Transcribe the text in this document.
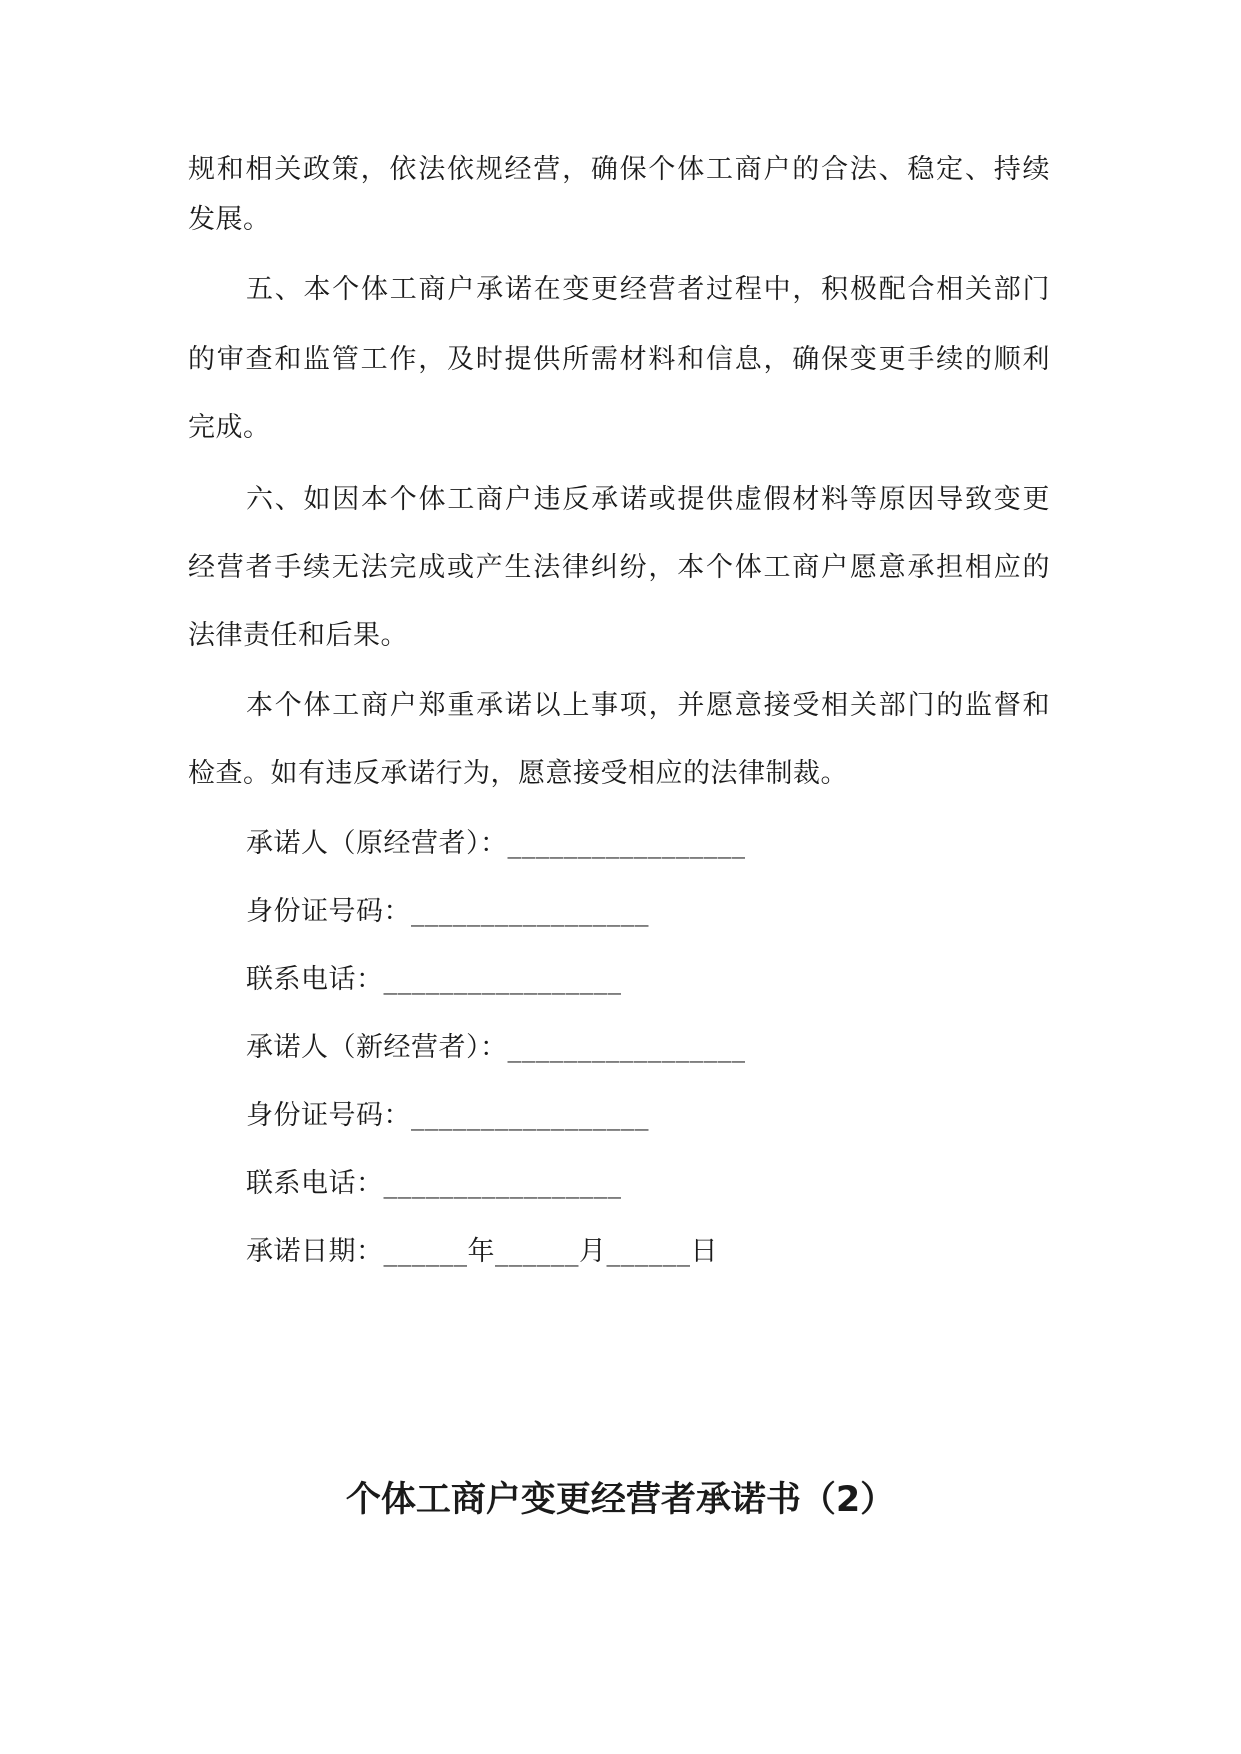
规和相关政策，依法依规经营，确保个体工商户的合法、稳定、持续
发展。
五、本个体工商户承诺在变更经营者过程中，积极配合相关部门
的审查和监管工作，及时提供所需材料和信息，确保变更手续的顺利
完成。
六、如因本个体工商户违反承诺或提供虚假材料等原因导致变更
经营者手续无法完成或产生法律纠纷，本个体工商户愿意承担相应的
法律责任和后果。
本个体工商户郑重承诺以上事项，并愿意接受相关部门的监督和
检查。如有违反承诺行为，愿意接受相应的法律制裁。
承诺人（原经营者）：_________________
身份证号码：_________________
联系电话：_________________
承诺人（新经营者）：_________________
身份证号码：_________________
联系电话：_________________
承诺日期：______年______月______日
个体工商户变更经营者承诺书（2）
